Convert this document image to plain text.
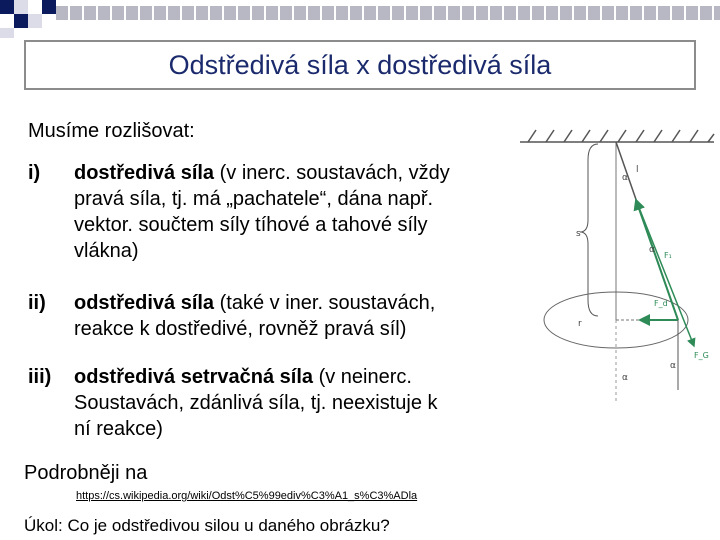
Odstředivá síla x dostředivá síla
Musíme rozlišovat:
i) dostředivá síla (v inerc. soustavách, vždy
pravá síla, tj. má „pachatele“, dána např.
vektor. součtem síly tíhové a tahové síly
vlákna)
ii) odstředivá síla (také v iner. soustavách,
reakce k dostředivé, rovněž pravá síl)
iii) odstředivá setrvačná síla (v neinerc.
Soustavách, zdánlivá síla, tj. neexistuje k
ní reakce)
Podrobněji na
https://cs.wikipedia.org/wiki/Odst%C5%99ediv%C3%A1_s%C3%ADla
Úkol: Co je odstředivou silou u daného obrázku?
s
r
l
α
F₁
F_d
F_G
α
α
α
